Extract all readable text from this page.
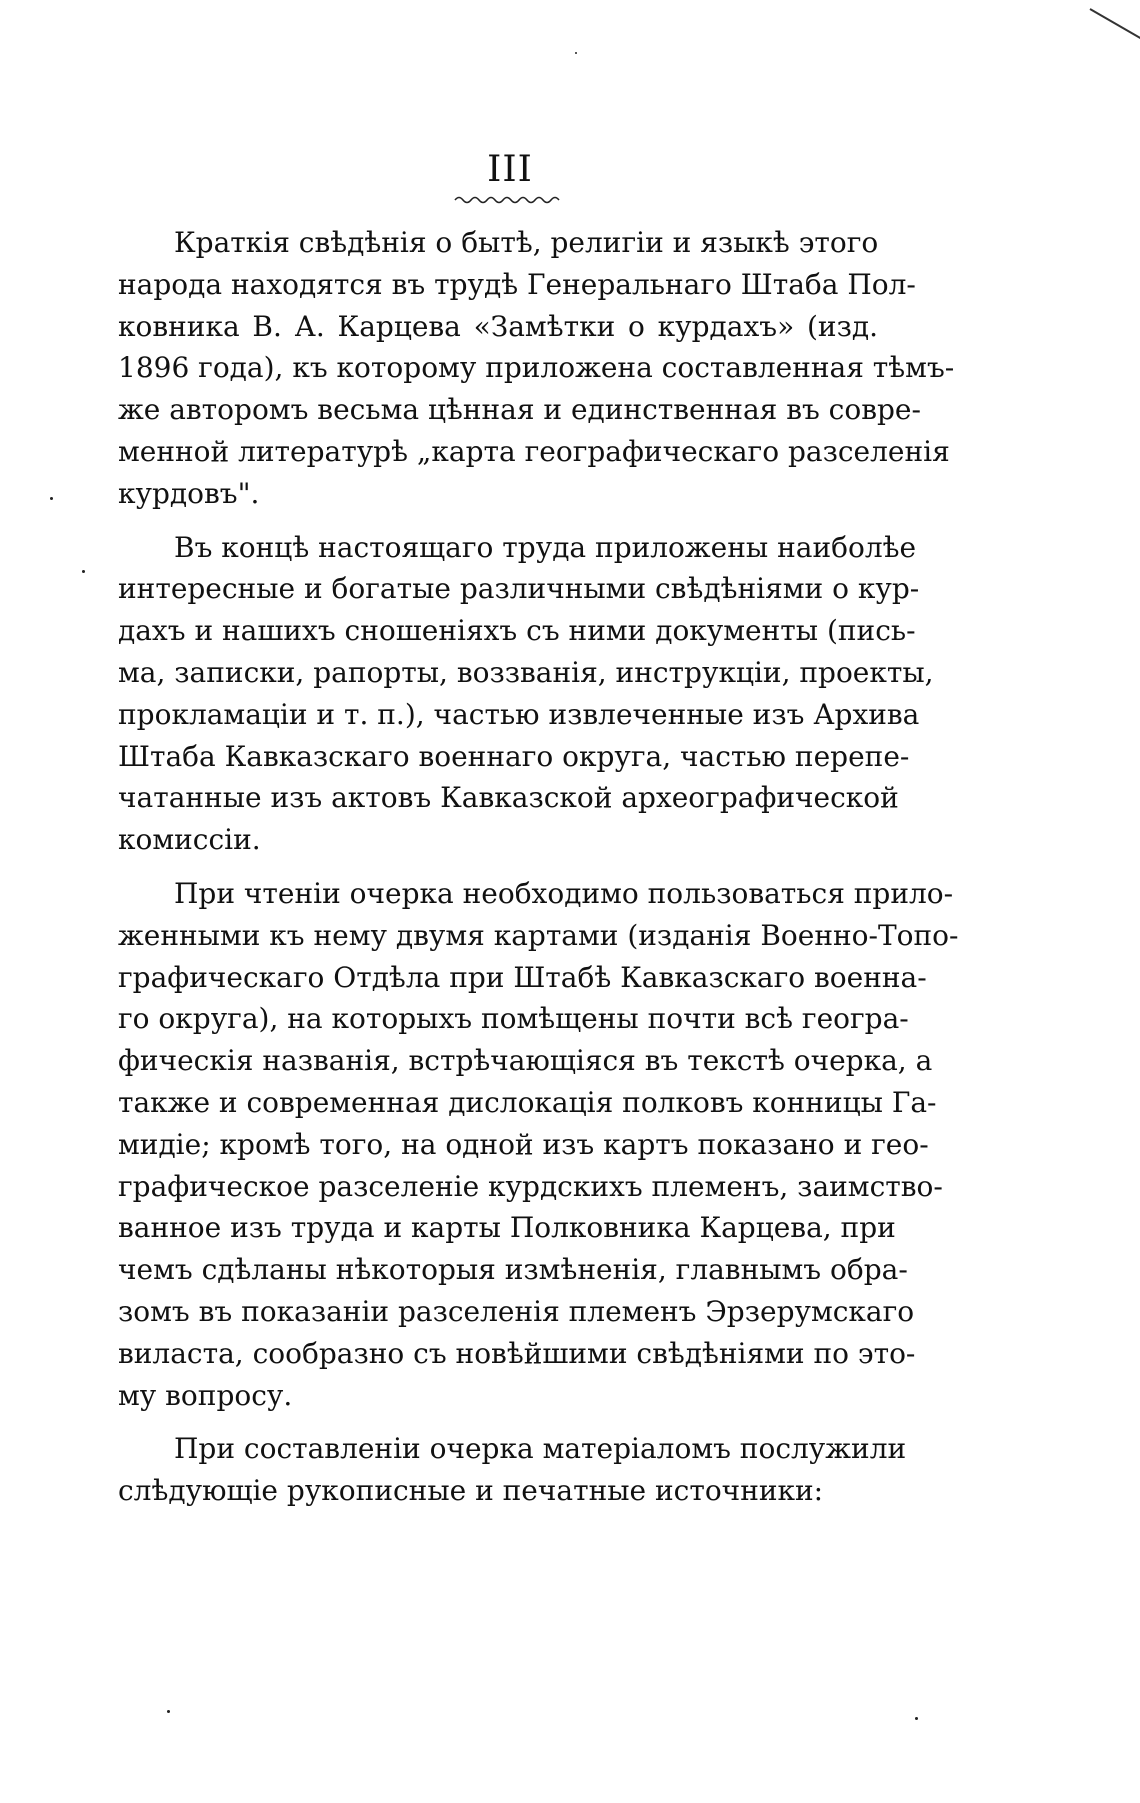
III
Краткія свѣдѣнія о бытѣ, религіи и языкѣ этого
народа находятся въ трудѣ Генеральнаго Штаба Пол-
ковника В. А. Карцева «Замѣтки о курдахъ» (изд.
1896 года), къ которому приложена составленная тѣмъ-
же авторомъ весьма цѣнная и единственная въ совре-
менной литературѣ „карта географическаго разселенія
курдовъ".
Въ концѣ настоящаго труда приложены наиболѣе
интересные и богатые различными свѣдѣніями о кур-
дахъ и нашихъ сношеніяхъ съ ними документы (пись-
ма, записки, рапорты, воззванія, инструкціи, проекты,
прокламаціи и т. п.), частью извлеченные изъ Архива
Штаба Кавказскаго военнаго округа, частью перепе-
чатанные изъ актовъ Кавказской археографической
комиссіи.
При чтеніи очерка необходимо пользоваться прило-
женными къ нему двумя картами (изданія Военно-Топо-
графическаго Отдѣла при Штабѣ Кавказскаго военна-
го округа), на которыхъ помѣщены почти всѣ геогра-
фическія названія, встрѣчающіяся въ текстѣ очерка, а
также и современная дислокація полковъ конницы Га-
мидіе; кромѣ того, на одной изъ картъ показано и гео-
графическое разселеніе курдскихъ племенъ, заимство-
ванное изъ труда и карты Полковника Карцева, при
чемъ сдѣланы нѣкоторыя измѣненія, главнымъ обра-
зомъ въ показаніи разселенія племенъ Эрзерумскаго
виласта, сообразно съ новѣйшими свѣдѣніями по это-
му вопросу.
При составленіи очерка матеріаломъ послужили
слѣдующіе рукописные и печатные источники:
